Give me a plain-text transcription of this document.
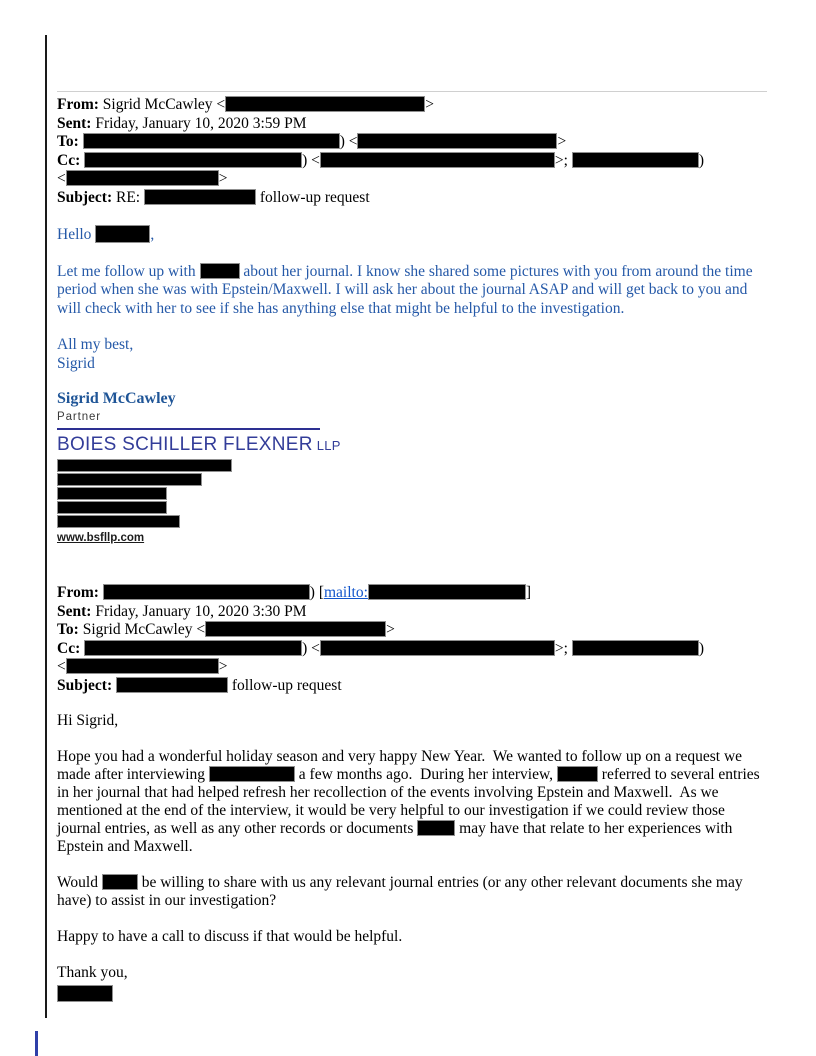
From: Sigrid McCawley <	>
Sent: Friday, January 10, 2020 3:59 PM
To:	) <	>
Cc:	) <	>;	)
<	>
Subject: RE:	follow-up request
Hello	,
Let me follow up with	about her journal. I know she shared some pictures with you from around the time period when she was with Epstein/Maxwell. I will ask her about the journal ASAP and will get back to you and will check with her to see if she has anything else that might be helpful to the investigation.
All my best,
Sigrid
Sigrid McCawley
Partner
BOIES SCHILLER FLEXNER LLP
www.bsfllp.com
From:	) [mailto:	]
Sent: Friday, January 10, 2020 3:30 PM
To: Sigrid McCawley <	>
Cc:	) <	>;	)
<	>
Subject:	follow-up request
Hi Sigrid,
Hope you had a wonderful holiday season and very happy New Year.  We wanted to follow up on a request we made after interviewing	a few months ago.  During her interview,	referred to several entries in her journal that had helped refresh her recollection of the events involving Epstein and Maxwell.  As we mentioned at the end of the interview, it would be very helpful to our investigation if we could review those journal entries, as well as any other records or documents  may have that relate to her experiences with Epstein and Maxwell.
Would  be willing to share with us any relevant journal entries (or any other relevant documents she may have) to assist in our investigation?
Happy to have a call to discuss if that would be helpful.
Thank you,
